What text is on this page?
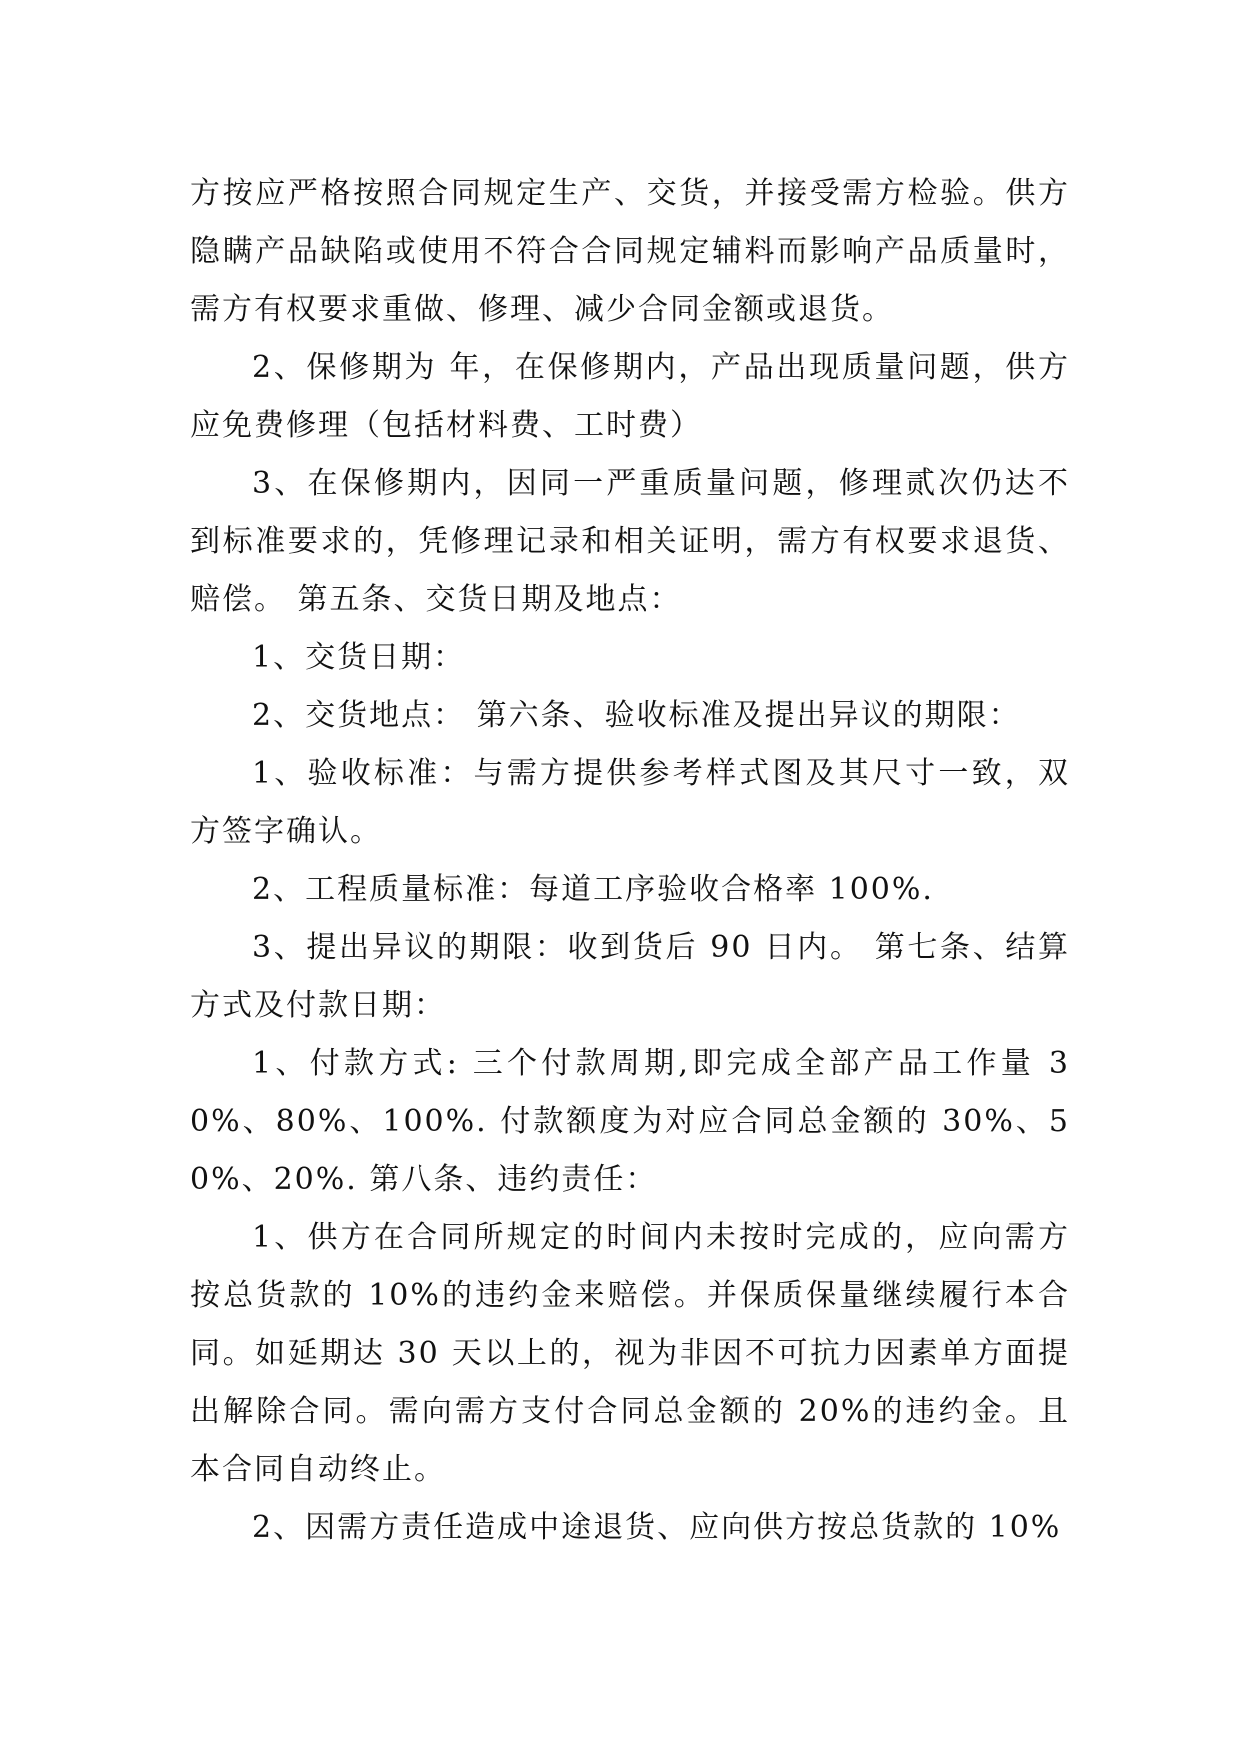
方按应严格按照合同规定生产、交货，并接受需方检验。供方隐瞒产品缺陷或使用不符合合同规定辅料而影响产品质量时，需方有权要求重做、修理、减少合同金额或退货。

2、保修期为 年，在保修期内，产品出现质量问题，供方应免费修理（包括材料费、工时费）

3、在保修期内，因同一严重质量问题，修理贰次仍达不到标准要求的，凭修理记录和相关证明，需方有权要求退货、赔偿。 第五条、交货日期及地点：

1、交货日期：

2、交货地点： 第六条、验收标准及提出异议的期限：

1、验收标准：与需方提供参考样式图及其尺寸一致，双方签字确认。

2、工程质量标准：每道工序验收合格率 100%.

3、提出异议的期限：收到货后 90 日内。 第七条、结算方式及付款日期：

1、付款方式: 三个付款周期,即完成全部产品工作量 30%、80%、100%. 付款额度为对应合同总金额的 30%、50%、20%. 第八条、违约责任：

1、供方在合同所规定的时间内未按时完成的，应向需方按总货款的 10%的违约金来赔偿。并保质保量继续履行本合同。如延期达 30 天以上的，视为非因不可抗力因素单方面提出解除合同。需向需方支付合同总金额的 20%的违约金。且本合同自动终止。

2、因需方责任造成中途退货、应向供方按总货款的 10%
